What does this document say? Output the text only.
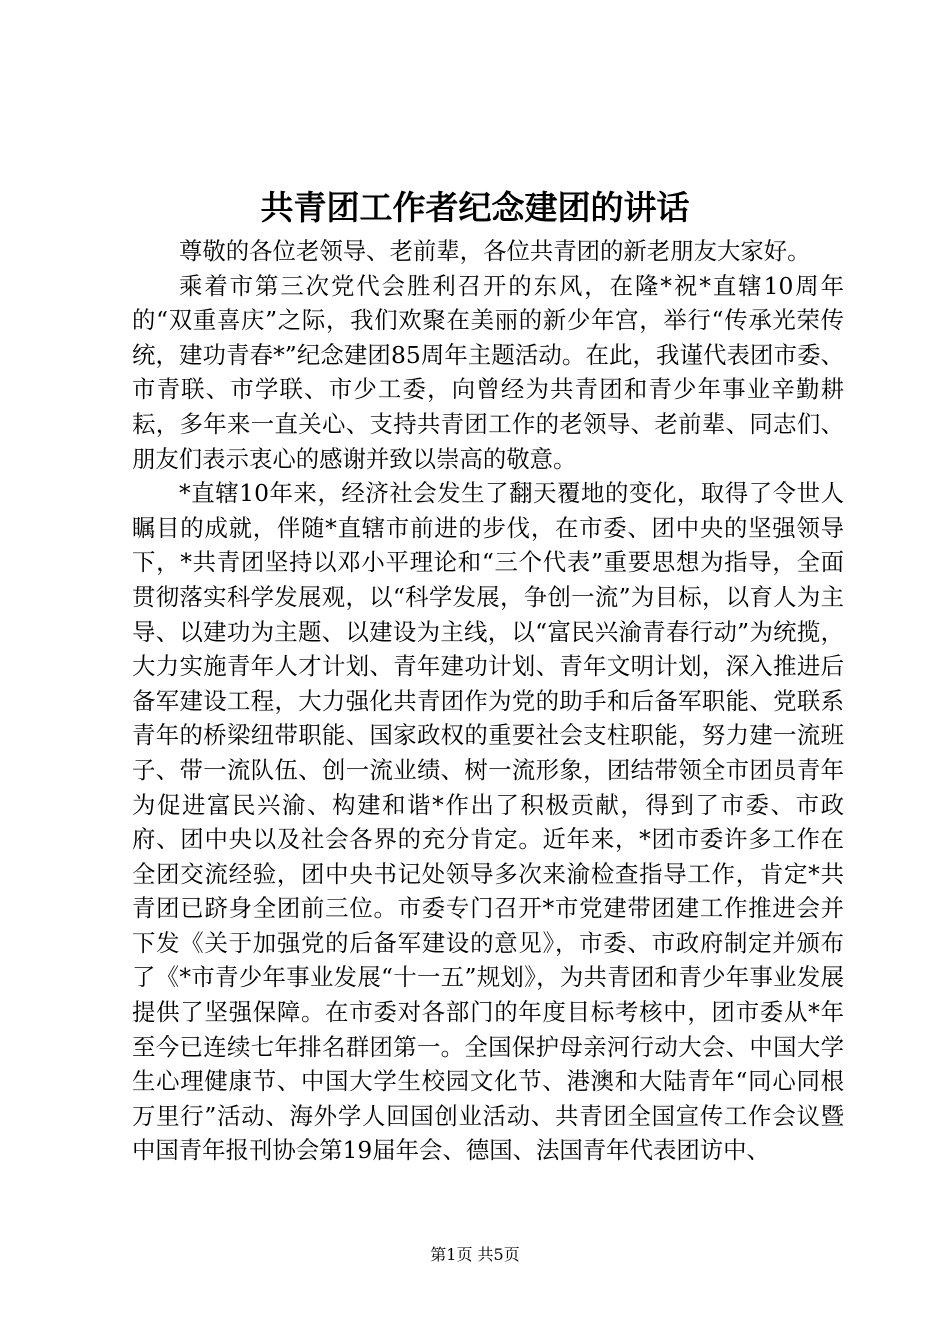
共青团工作者纪念建团的讲话

尊敬的各位老领导、老前辈，各位共青团的新老朋友大家好。

乘着市第三次党代会胜利召开的东风，在隆*祝*直辖10周年的“双重喜庆”之际，我们欢聚在美丽的新少年宫，举行“传承光荣传统，建功青春*”纪念建团85周年主题活动。在此，我谨代表团市委、市青联、市学联、市少工委，向曾经为共青团和青少年事业辛勤耕耘，多年来一直关心、支持共青团工作的老领导、老前辈、同志们、朋友们表示衷心的感谢并致以崇高的敬意。

*直辖10年来，经济社会发生了翻天覆地的变化，取得了令世人瞩目的成就，伴随*直辖市前进的步伐，在市委、团中央的坚强领导下，*共青团坚持以邓小平理论和“三个代表”重要思想为指导，全面贯彻落实科学发展观，以“科学发展，争创一流”为目标，以育人为主导、以建功为主题、以建设为主线，以“富民兴渝青春行动”为统揽，大力实施青年人才计划、青年建功计划、青年文明计划，深入推进后备军建设工程，大力强化共青团作为党的助手和后备军职能、党联系青年的桥梁纽带职能、国家政权的重要社会支柱职能，努力建一流班子、带一流队伍、创一流业绩、树一流形象，团结带领全市团员青年为促进富民兴渝、构建和谐*作出了积极贡献，得到了市委、市政府、团中央以及社会各界的充分肯定。近年来，*团市委许多工作在全团交流经验，团中央书记处领导多次来渝检查指导工作，肯定*共青团已跻身全团前三位。市委专门召开*市党建带团建工作推进会并下发《关于加强党的后备军建设的意见》，市委、市政府制定并颁布了《*市青少年事业发展“十一五”规划》，为共青团和青少年事业发展提供了坚强保障。在市委对各部门的年度目标考核中，团市委从*年至今已连续七年排名群团第一。全国保护母亲河行动大会、中国大学生心理健康节、中国大学生校园文化节、港澳和大陆青年“同心同根万里行”活动、海外学人回国创业活动、共青团全国宣传工作会议暨中国青年报刊协会第19届年会、德国、法国青年代表团访中、

第1页 共5页
